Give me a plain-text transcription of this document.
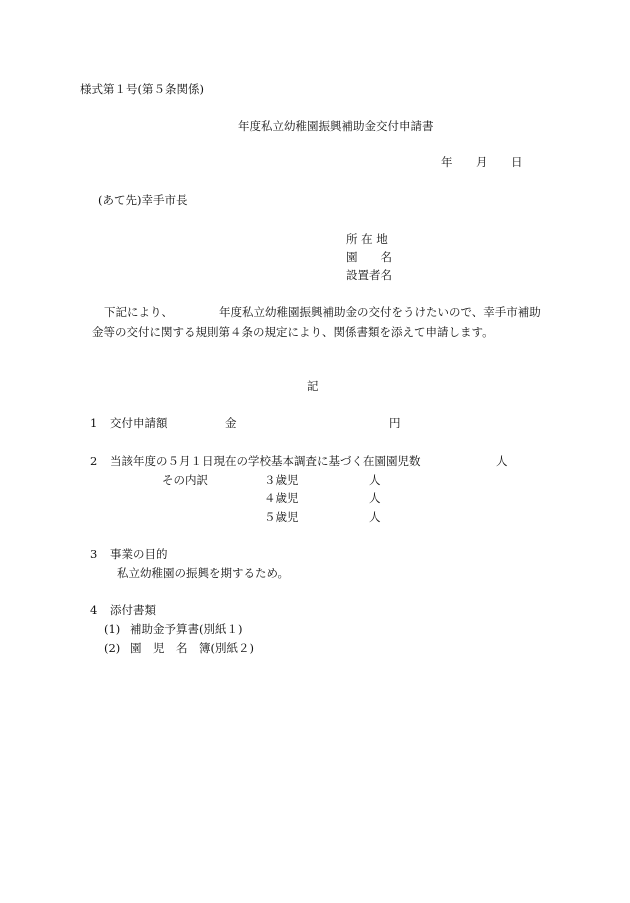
様式第１号(第５条関係)
年度私立幼稚園振興補助金交付申請書
年 月 日
(あて先)幸手市長
所 在 地
園　　名
設置者名
下記により、	年度私立幼稚園振興補助金の交付をうけたいので、幸手市補助
金等の交付に関する規則第４条の規定により、関係書類を添えて申請します。
記
1 交付申請額	金	円
2 当該年度の５月１日現在の学校基本調査に基づく在園園児数	人
その内訳	３歳児	人
４歳児	人
５歳児	人
3 事業の目的
私立幼稚園の振興を期するため。
4 添付書類
(1) 補助金予算書(別紙１)
(2) 園　児　名　簿(別紙２)
